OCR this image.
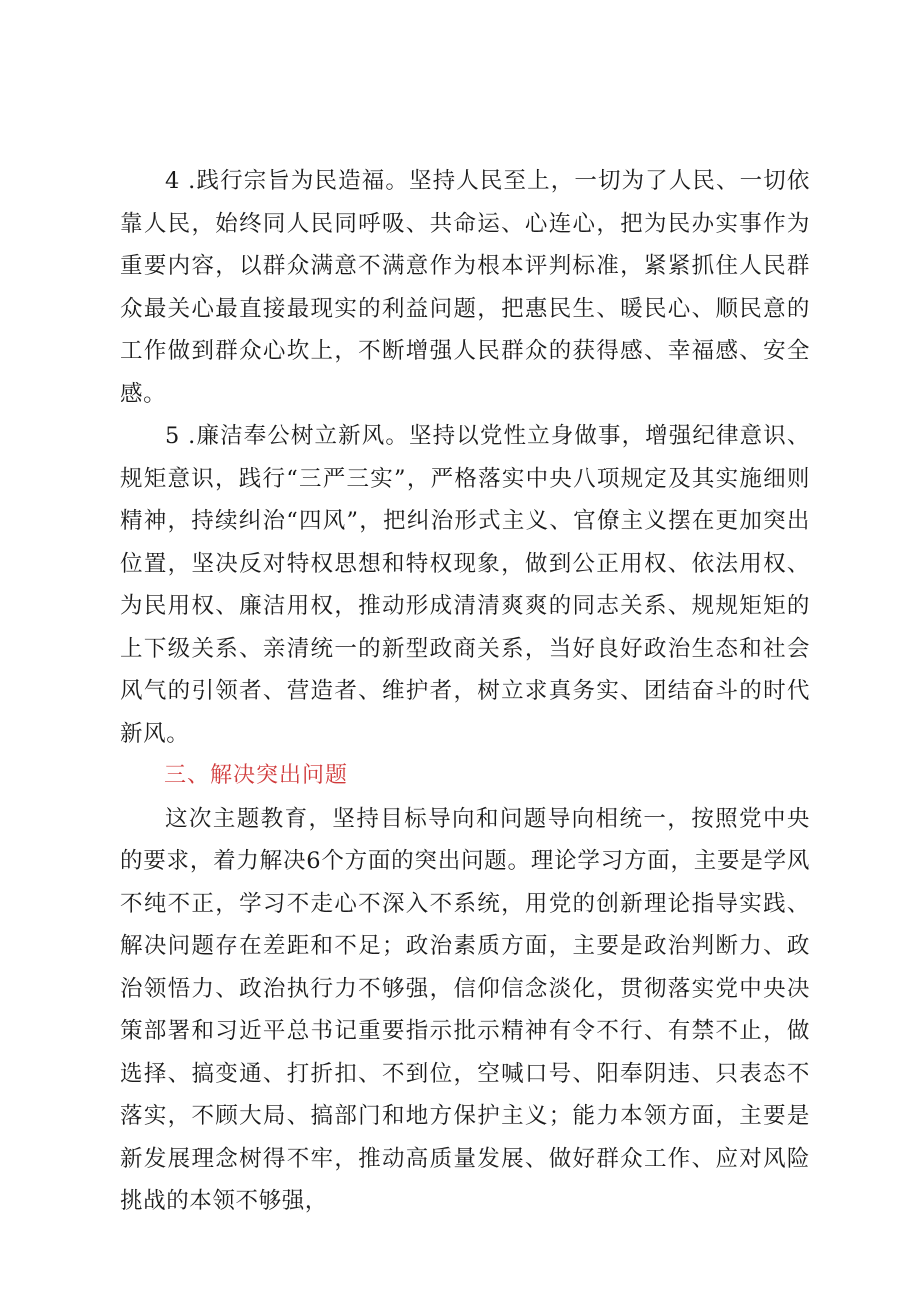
4 .践行宗旨为民造福。坚持人民至上，一切为了人民、一切依靠人民，始终同人民同呼吸、共命运、心连心，把为民办实事作为重要内容，以群众满意不满意作为根本评判标准，紧紧抓住人民群众最关心最直接最现实的利益问题，把惠民生、暖民心、顺民意的工作做到群众心坎上，不断增强人民群众的获得感、幸福感、安全感。

5 .廉洁奉公树立新风。坚持以党性立身做事，增强纪律意识、规矩意识，践行“三严三实”，严格落实中央八项规定及其实施细则精神，持续纠治“四风”，把纠治形式主义、官僚主义摆在更加突出位置，坚决反对特权思想和特权现象，做到公正用权、依法用权、为民用权、廉洁用权，推动形成清清爽爽的同志关系、规规矩矩的上下级关系、亲清统一的新型政商关系，当好良好政治生态和社会风气的引领者、营造者、维护者，树立求真务实、团结奋斗的时代新风。

三、解决突出问题

这次主题教育，坚持目标导向和问题导向相统一，按照党中央的要求，着力解决6个方面的突出问题。理论学习方面，主要是学风不纯不正，学习不走心不深入不系统，用党的创新理论指导实践、解决问题存在差距和不足；政治素质方面，主要是政治判断力、政治领悟力、政治执行力不够强，信仰信念淡化，贯彻落实党中央决策部署和习近平总书记重要指示批示精神有令不行、有禁不止，做选择、搞变通、打折扣、不到位，空喊口号、阳奉阴违、只表态不落实，不顾大局、搞部门和地方保护主义；能力本领方面，主要是新发展理念树得不牢，推动高质量发展、做好群众工作、应对风险挑战的本领不够强，
